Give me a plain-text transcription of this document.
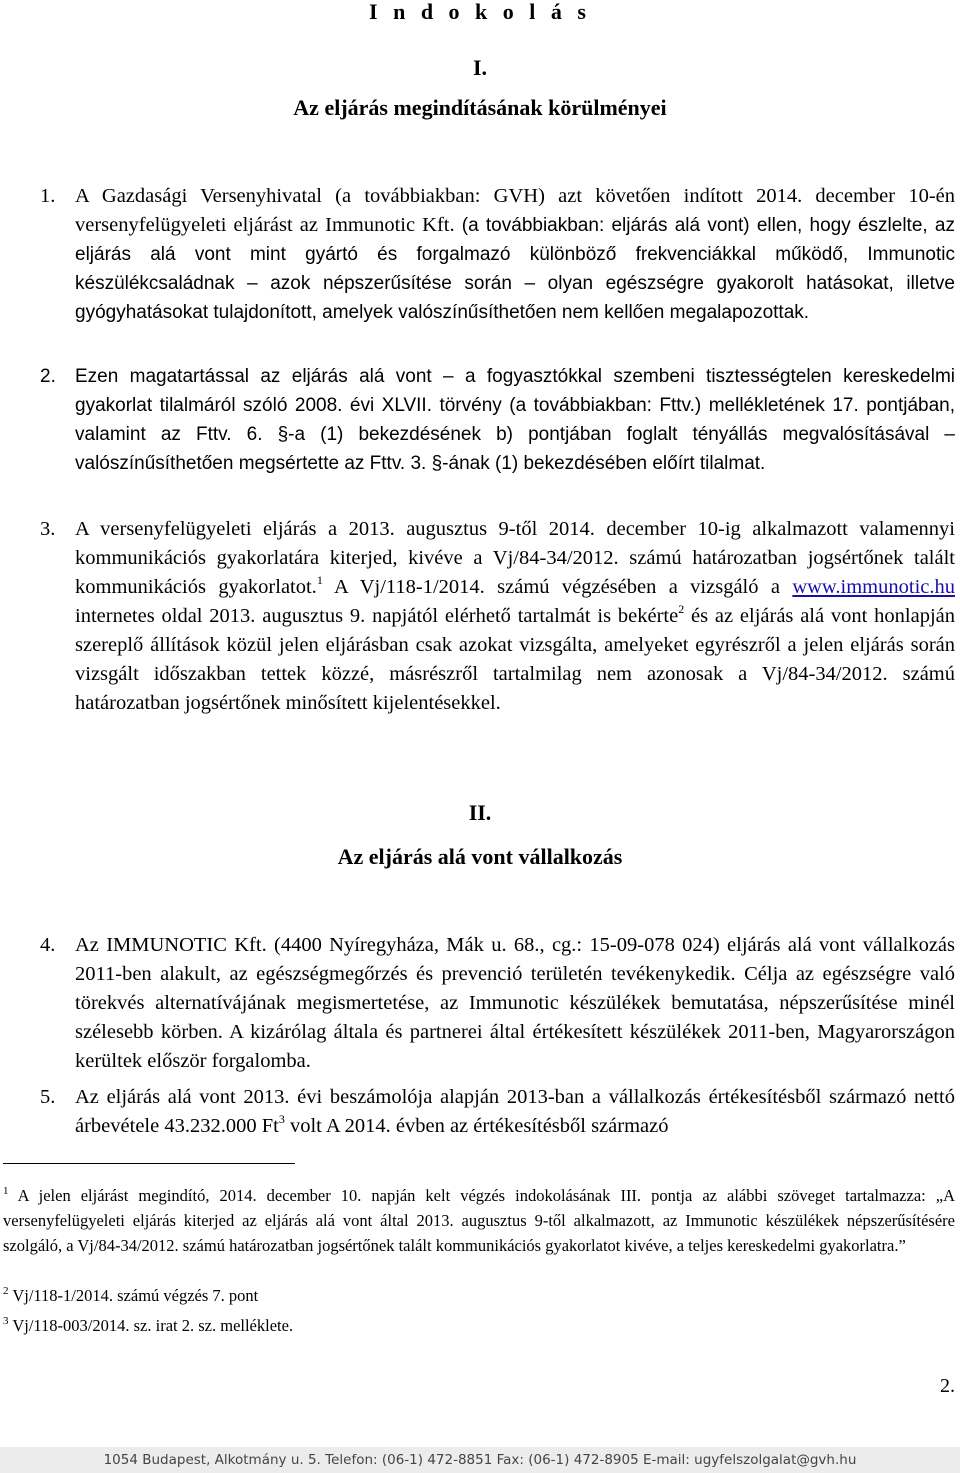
I n d o k o l á s
I.
Az eljárás megindításának körülményei
1. A Gazdasági Versenyhivatal (a továbbiakban: GVH) azt követően indított 2014. december 10-én versenyfelügyeleti eljárást az Immunotic Kft. (a továbbiakban: eljárás alá vont) ellen, hogy észlelte, az eljárás alá vont mint gyártó és forgalmazó különböző frekvenciákkal működő, Immunotic készülékcsaládnak – azok népszerűsítése során – olyan egészségre gyakorolt hatásokat, illetve gyógyhatásokat tulajdonított, amelyek valószínűsíthetően nem kellően megalapozottak.
2. Ezen magatartással az eljárás alá vont – a fogyasztókkal szembeni tisztességtelen kereskedelmi gyakorlat tilalmáról szóló 2008. évi XLVII. törvény (a továbbiakban: Fttv.) mellékletének 17. pontjában, valamint az Fttv. 6. §-a (1) bekezdésének b) pontjában foglalt tényállás megvalósításával – valószínűsíthetően megsértette az Fttv. 3. §-ának (1) bekezdésében előírt tilalmat.
3. A versenyfelügyeleti eljárás a 2013. augusztus 9-től 2014. december 10-ig alkalmazott valamennyi kommunikációs gyakorlatára kiterjed, kivéve a Vj/84-34/2012. számú határozatban jogsértőnek talált kommunikációs gyakorlatot.$^1$ A Vj/118-1/2014. számú végzésében a vizsgáló a www.immunotic.hu internetes oldal 2013. augusztus 9. napjától elérhető tartalmát is bekérte$^2$ és az eljárás alá vont honlapján szereplő állítások közül jelen eljárásban csak azokat vizsgálta, amelyeket egyrészről a jelen eljárás során vizsgált időszakban tettek közzé, másrészről tartalmilag nem azonosak a Vj/84-34/2012. számú határozatban jogsértőnek minősített kijelentésekkel.
II.
Az eljárás alá vont vállalkozás
4. Az IMMUNOTIC Kft. (4400 Nyíregyháza, Mák u. 68., cg.: 15-09-078 024) eljárás alá vont vállalkozás 2011-ben alakult, az egészségmegőrzés és prevenció területén tevékenykedik. Célja az egészségre való törekvés alternatívájának megismertetése, az Immunotic készülékek bemutatása, népszerűsítése minél szélesebb körben. A kizárólag általa és partnerei által értékesített készülékek 2011-ben, Magyarországon kerültek először forgalomba.
5. Az eljárás alá vont 2013. évi beszámolója alapján 2013-ban a vállalkozás értékesítésből származó nettó árbevétele 43.232.000 Ft$^3$ volt A 2014. évben az értékesítésből származó
$^1$ A jelen eljárást megindító, 2014. december 10. napján kelt végzés indokolásának III. pontja az alábbi szöveget tartalmazza: „A versenyfelügyeleti eljárás kiterjed az eljárás alá vont által 2013. augusztus 9-től alkalmazott, az Immunotic készülékek népszerűsítésére szolgáló, a Vj/84-34/2012. számú határozatban jogsértőnek talált kommunikációs gyakorlatot kivéve, a teljes kereskedelmi gyakorlatra.”
$^2$ Vj/118-1/2014. számú végzés 7. pont
$^3$ Vj/118-003/2014. sz. irat 2. sz. melléklete.
2.
1054 Budapest, Alkotmány u. 5. Telefon: (06-1) 472-8851 Fax: (06-1) 472-8905 E-mail: ugyfelszolgalat@gvh.hu
